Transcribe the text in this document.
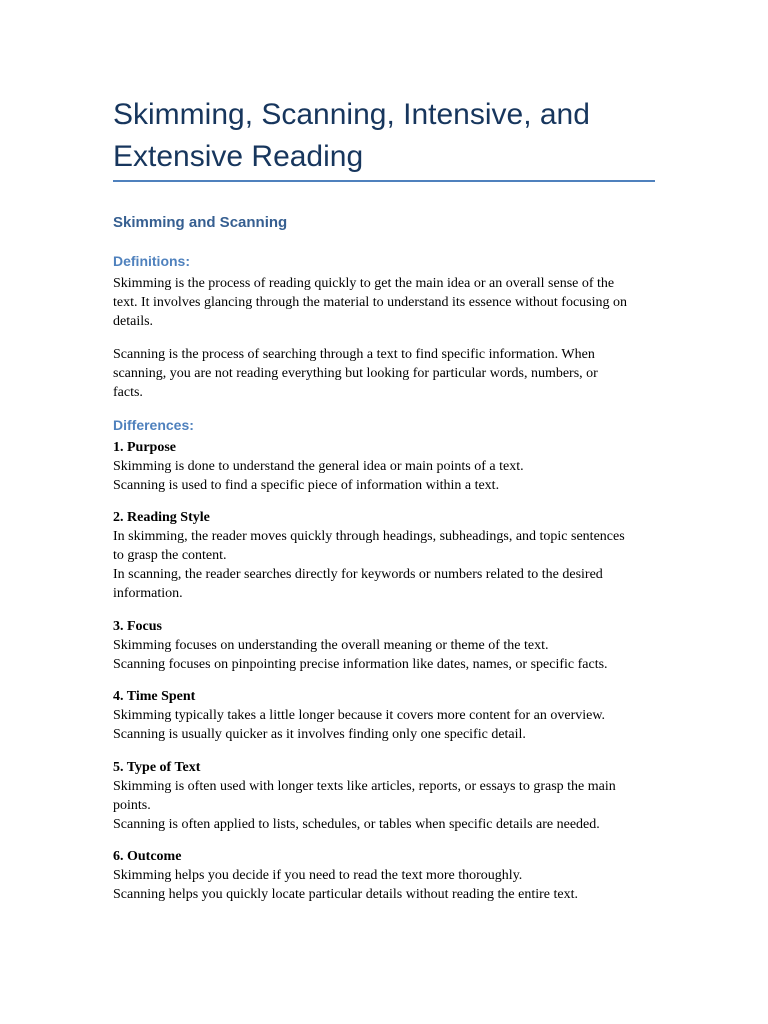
Skimming, Scanning, Intensive, and
Extensive Reading
Skimming and Scanning
Definitions:
Skimming is the process of reading quickly to get the main idea or an overall sense of the
text. It involves glancing through the material to understand its essence without focusing on
details.
Scanning is the process of searching through a text to find specific information. When
scanning, you are not reading everything but looking for particular words, numbers, or
facts.
Differences:
1. Purpose
Skimming is done to understand the general idea or main points of a text.
Scanning is used to find a specific piece of information within a text.
2. Reading Style
In skimming, the reader moves quickly through headings, subheadings, and topic sentences
to grasp the content.
In scanning, the reader searches directly for keywords or numbers related to the desired
information.
3. Focus
Skimming focuses on understanding the overall meaning or theme of the text.
Scanning focuses on pinpointing precise information like dates, names, or specific facts.
4. Time Spent
Skimming typically takes a little longer because it covers more content for an overview.
Scanning is usually quicker as it involves finding only one specific detail.
5. Type of Text
Skimming is often used with longer texts like articles, reports, or essays to grasp the main
points.
Scanning is often applied to lists, schedules, or tables when specific details are needed.
6. Outcome
Skimming helps you decide if you need to read the text more thoroughly.
Scanning helps you quickly locate particular details without reading the entire text.
